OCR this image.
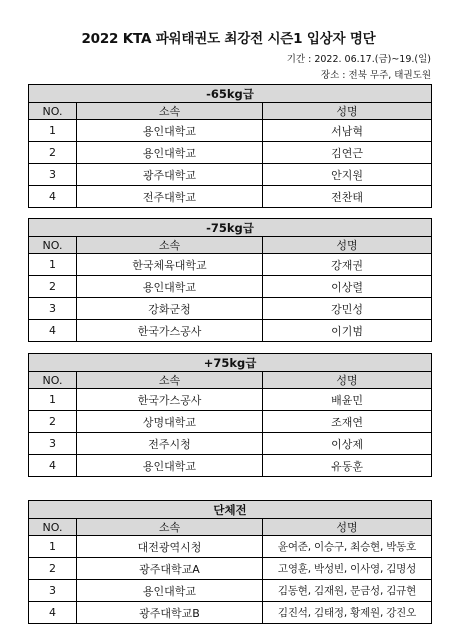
2022 KTA 파워태권도 최강전 시즌1 입상자 명단
기간 : 2022. 06.17.(금)~19.(일)
장소 : 전북 무주, 태권도원
-65kg급		
NO.	소속	성명
1	용인대학교	서남혁
2	용인대학교	김연근
3	광주대학교	안지원
4	전주대학교	전찬태
-75kg급		
NO.	소속	성명
1	한국체육대학교	강재권
2	용인대학교	이상렬
3	강화군청	강민성
4	한국가스공사	이기범
+75kg급		
NO.	소속	성명
1	한국가스공사	배윤민
2	상명대학교	조재연
3	전주시청	이상제
4	용인대학교	유동훈
단체전		
NO.	소속	성명
1	대전광역시청	윤여준, 이승구, 최승현, 박동호
2	광주대학교A	고영훈, 박성빈, 이사영, 김명성
3	용인대학교	김동현, 김재원, 문금성, 김규현
4	광주대학교B	김진석, 김태정, 황제원, 강진오
